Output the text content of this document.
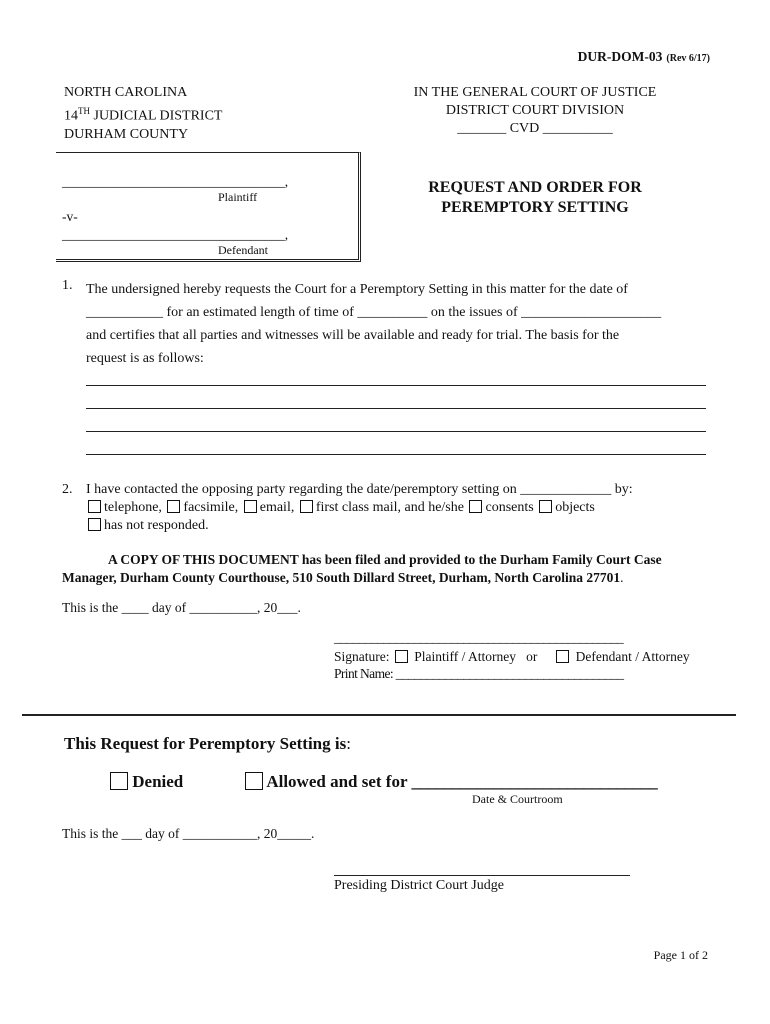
DUR-DOM-03 (Rev 6/17)
NORTH CAROLINA
14TH JUDICIAL DISTRICT
DURHAM COUNTY
IN THE GENERAL COURT OF JUSTICE
DISTRICT COURT DIVISION
_______ CVD __________
_________________________________,
Plaintiff
-v-
_________________________________,
Defendant
REQUEST AND ORDER FOR
PEREMPTORY SETTING
1. The undersigned hereby requests the Court for a Peremptory Setting in this matter for the date of
___________ for an estimated length of time of __________ on the issues of ____________________
and certifies that all parties and witnesses will be available and ready for trial. The basis for the
request is as follows:
2. I have contacted the opposing party regarding the date/peremptory setting on _____________ by:
telephone, facsimile, email, first class mail, and he/she consents objects
has not responded.
A COPY OF THIS DOCUMENT has been filed and provided to the Durham Family Court Case
Manager, Durham County Courthouse, 510 South Dillard Street, Durham, North Carolina 27701.
This is the ____ day of __________, 20___.
_______________________________________________
Signature: Plaintiff / Attorney or	Defendant / Attorney
Print Name: _____________________________________
This Request for Peremptory Setting is:
Denied	Allowed and set for ______________________________
Date & Courtroom
This is the ___ day of ___________, 20_____.
Presiding District Court Judge
Page 1 of 2
